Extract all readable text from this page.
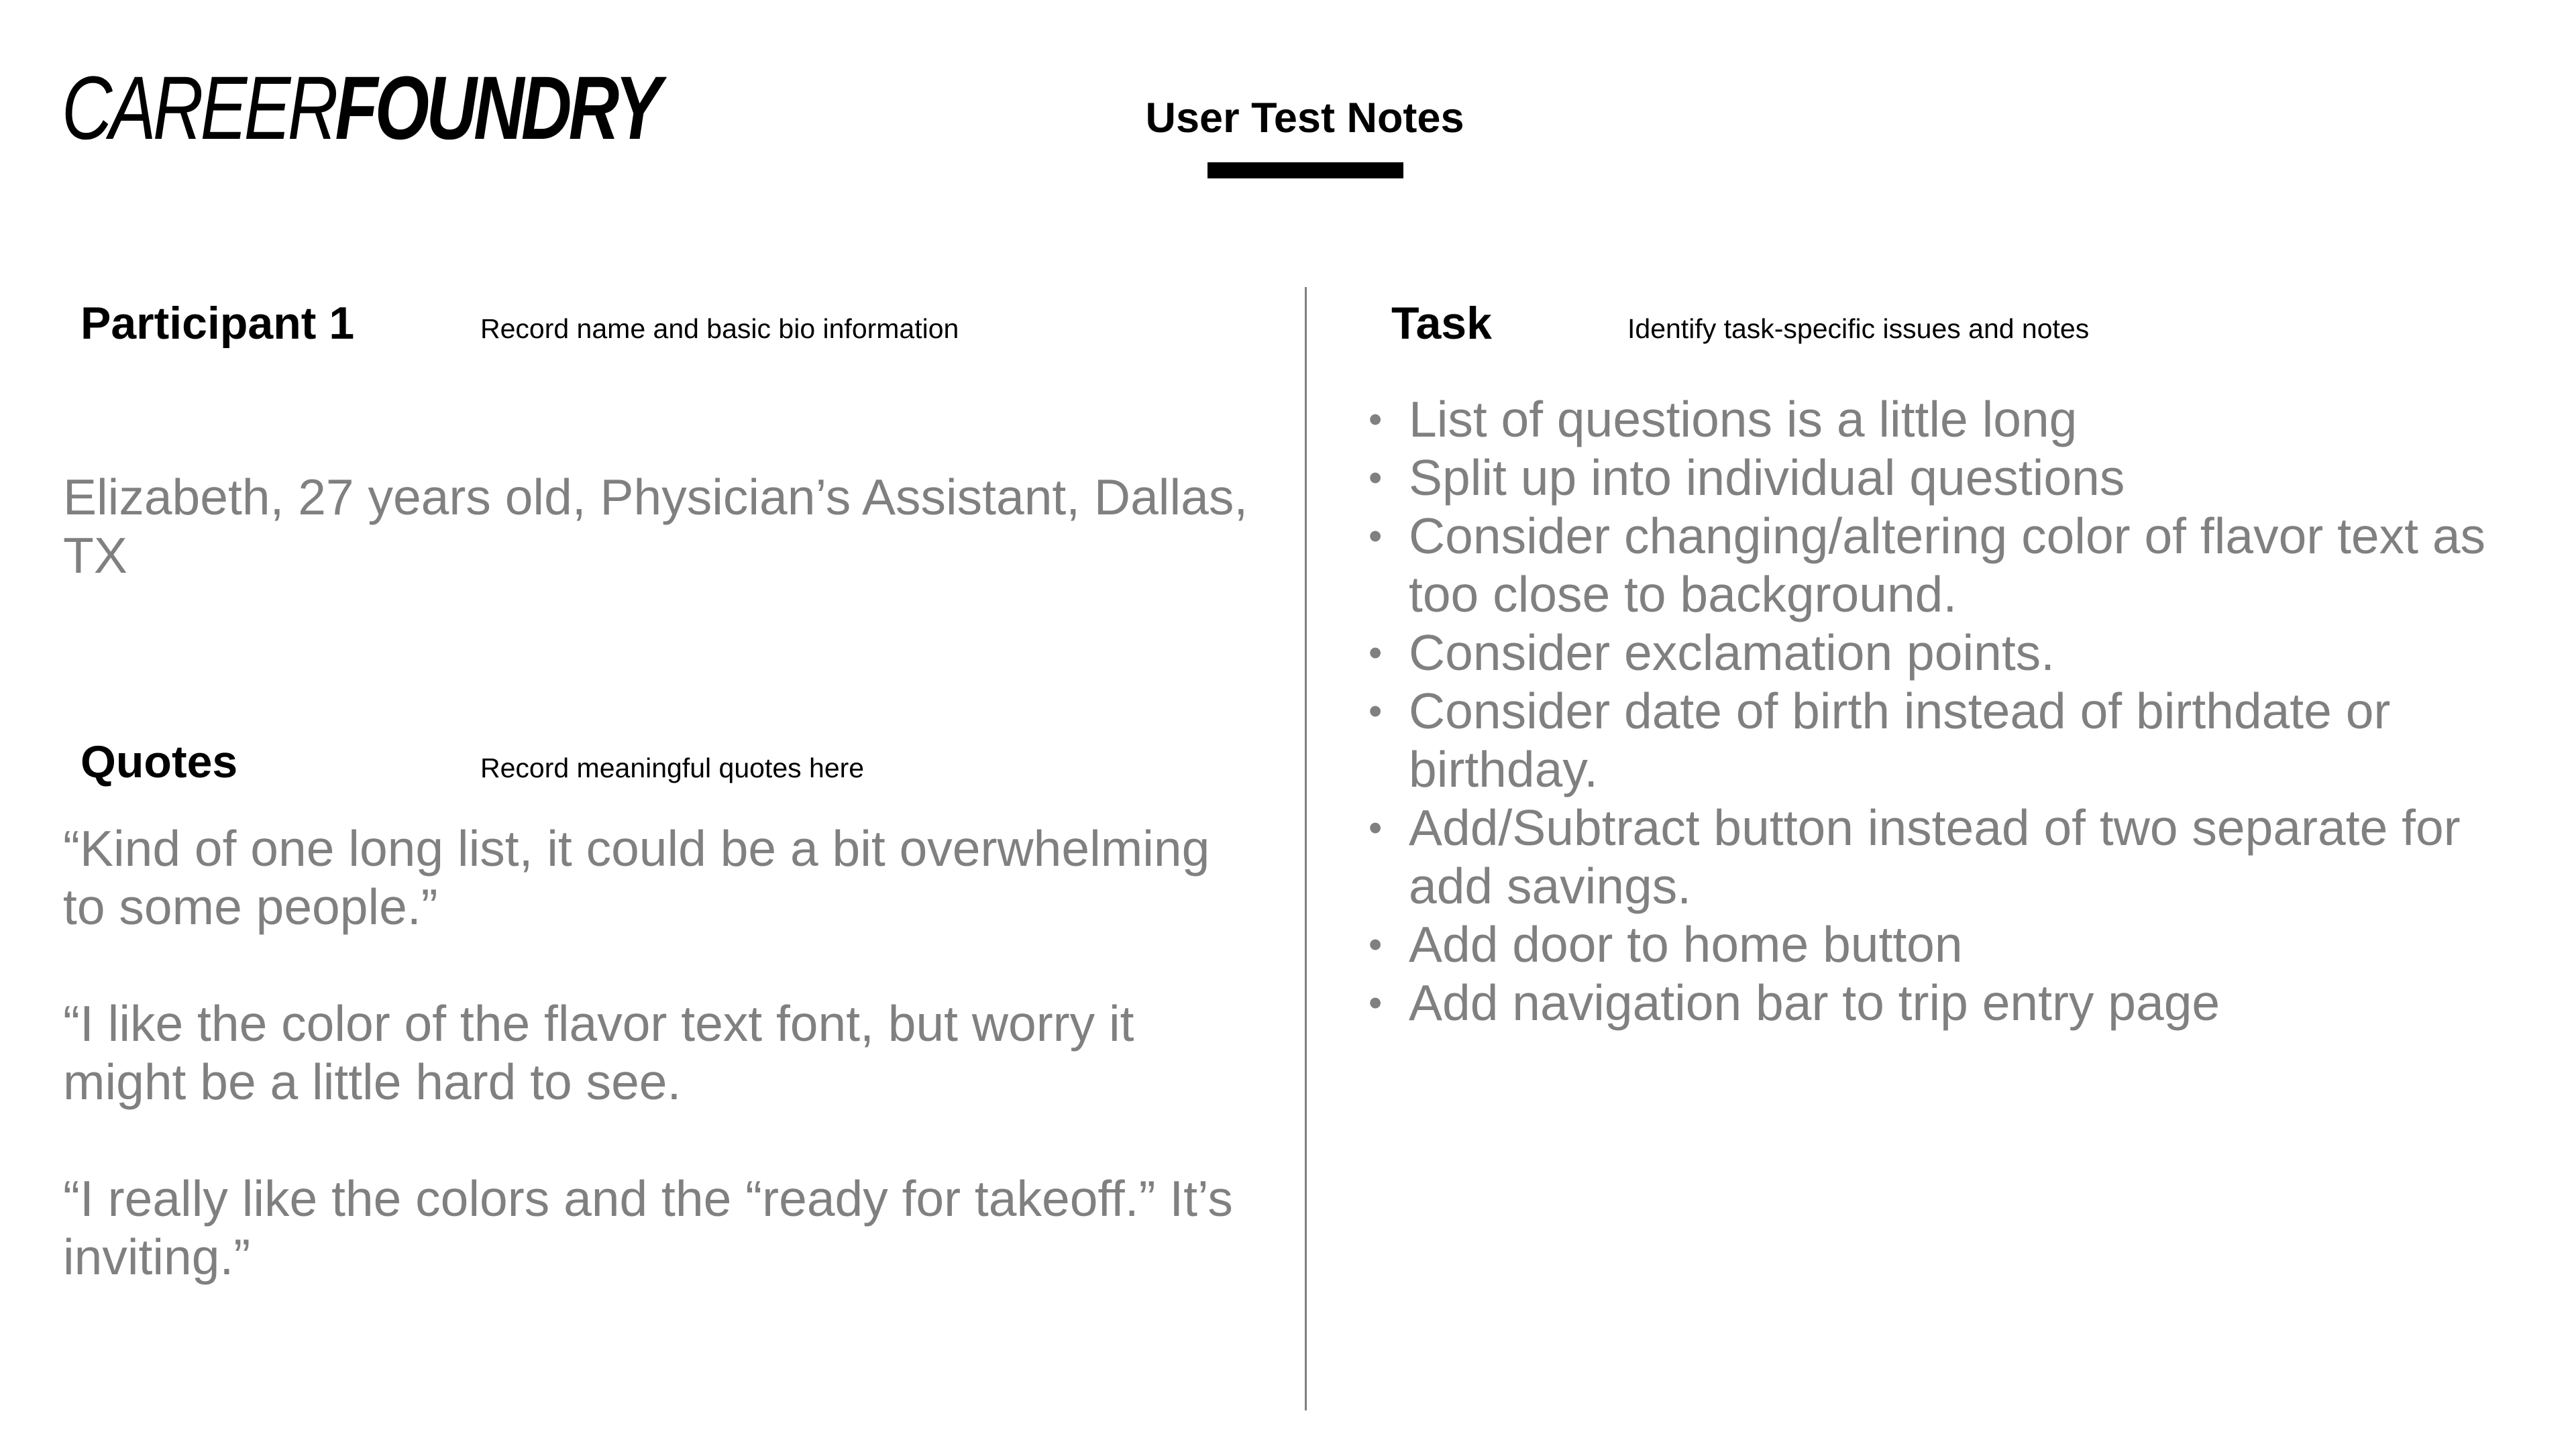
CAREER FOUNDRY	User Test Notes
Participant 1	Record name and basic bio information
Elizabeth, 27 years old, Physician’s Assistant, Dallas, TX
Quotes	Record meaningful quotes here

“Kind of one long list, it could be a bit overwhelming to some people.”

“I like the color of the flavor text font, but worry it might be a little hard to see.

“I really like the colors and the “ready for takeoff.” It’s inviting.”

Task	Identify task-specific issues and notes
• List of questions is a little long
• Split up into individual questions
• Consider changing/altering color of flavor text as too close to background.
• Consider exclamation points.
• Consider date of birth instead of birthdate or birthday.
• Add/Subtract button instead of two separate for add savings.
• Add door to home button
• Add navigation bar to trip entry page
